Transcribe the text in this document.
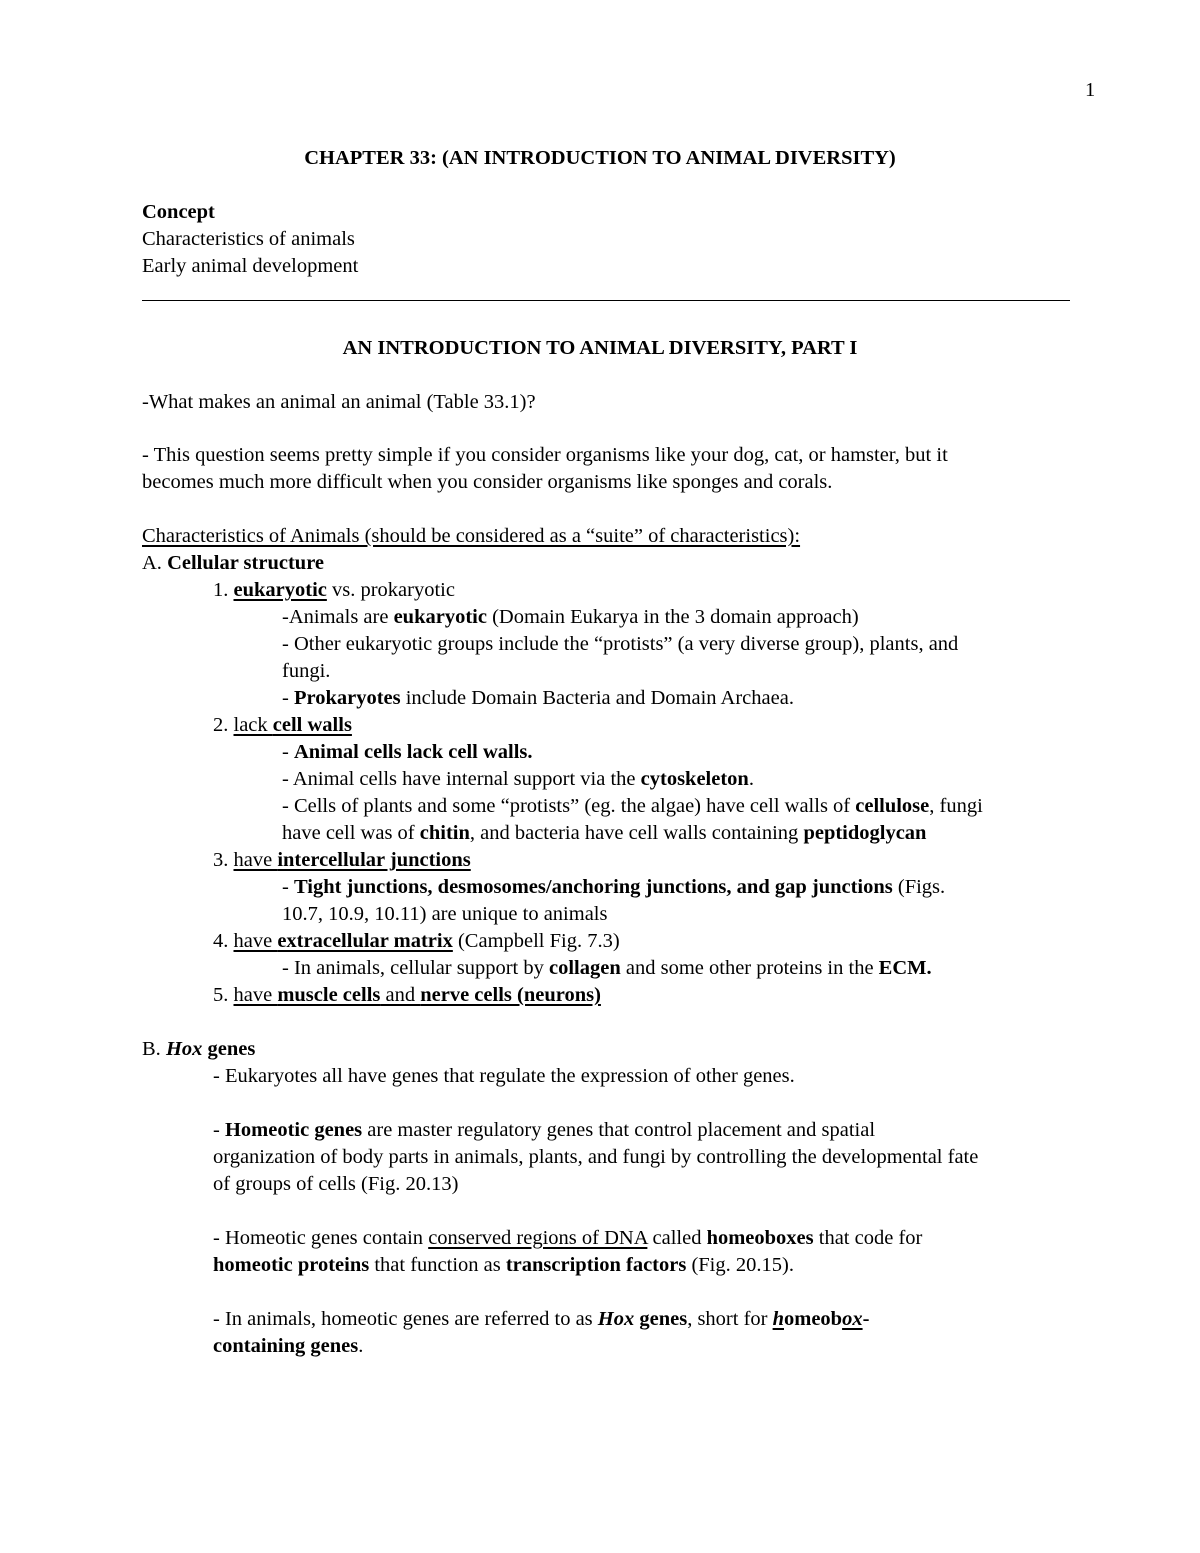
1
CHAPTER 33: (AN INTRODUCTION TO ANIMAL DIVERSITY)
Concept
Characteristics of animals
Early animal development
AN INTRODUCTION TO ANIMAL DIVERSITY, PART I
-What makes an animal an animal (Table 33.1)?
- This question seems pretty simple if you consider organisms like your dog, cat, or hamster, but it
becomes much more difficult when you consider organisms like sponges and corals.
Characteristics of Animals (should be considered as a “suite” of characteristics):
A. Cellular structure
1. eukaryotic vs. prokaryotic
-Animals are eukaryotic (Domain Eukarya in the 3 domain approach)
- Other eukaryotic groups include the “protists” (a very diverse group), plants, and
fungi.
- Prokaryotes include Domain Bacteria and Domain Archaea.
2. lack cell walls
- Animal cells lack cell walls.
- Animal cells have internal support via the cytoskeleton.
- Cells of plants and some “protists” (eg. the algae) have cell walls of cellulose, fungi
have cell was of chitin, and bacteria have cell walls containing peptidoglycan
3. have intercellular junctions
- Tight junctions, desmosomes/anchoring junctions, and gap junctions (Figs.
10.7, 10.9, 10.11) are unique to animals
4. have extracellular matrix (Campbell Fig. 7.3)
- In animals, cellular support by collagen and some other proteins in the ECM.
5. have muscle cells and nerve cells (neurons)
B. Hox genes
- Eukaryotes all have genes that regulate the expression of other genes.
- Homeotic genes are master regulatory genes that control placement and spatial
organization of body parts in animals, plants, and fungi by controlling the developmental fate
of groups of cells (Fig. 20.13)
- Homeotic genes contain conserved regions of DNA called homeoboxes that code for
homeotic proteins that function as transcription factors (Fig. 20.15).
- In animals, homeotic genes are referred to as Hox genes, short for homeobox-
containing genes.
